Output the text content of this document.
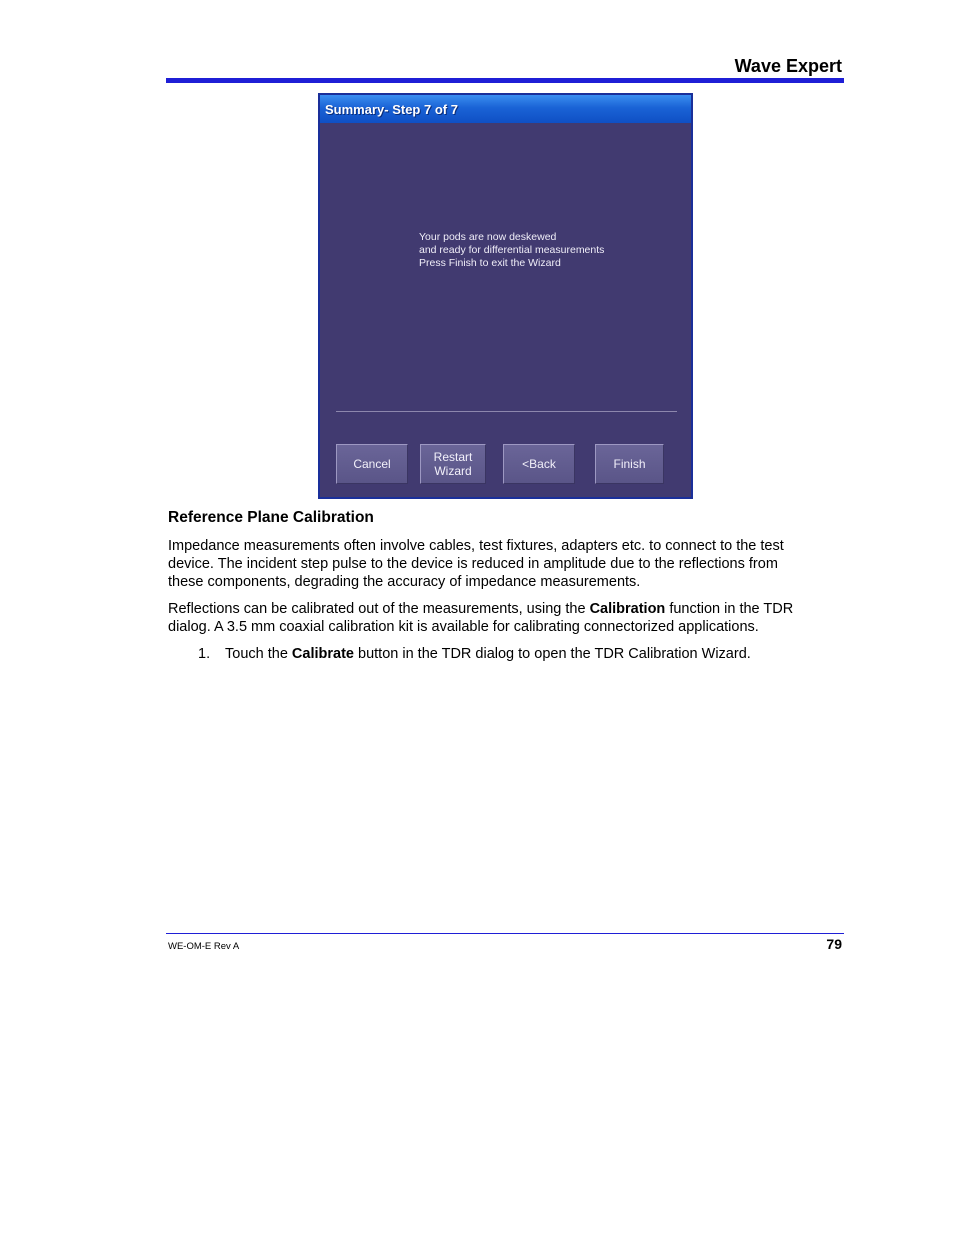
Wave Expert
Summary- Step 7 of 7
Your pods are now deskewed
and ready for differential measurements
Press Finish to exit the Wizard
Cancel	Restart
Wizard	<Back	Finish
Reference Plane Calibration
Impedance measurements often involve cables, test fixtures, adapters etc. to connect to the test
device. The incident step pulse to the device is reduced in amplitude due to the reflections from
these components, degrading the accuracy of impedance measurements.
Reflections can be calibrated out of the measurements, using the Calibration function in the TDR
dialog. A 3.5 mm coaxial calibration kit is available for calibrating connectorized applications.
1. Touch the Calibrate button in the TDR dialog to open the TDR Calibration Wizard.
WE-OM-E Rev A	79
